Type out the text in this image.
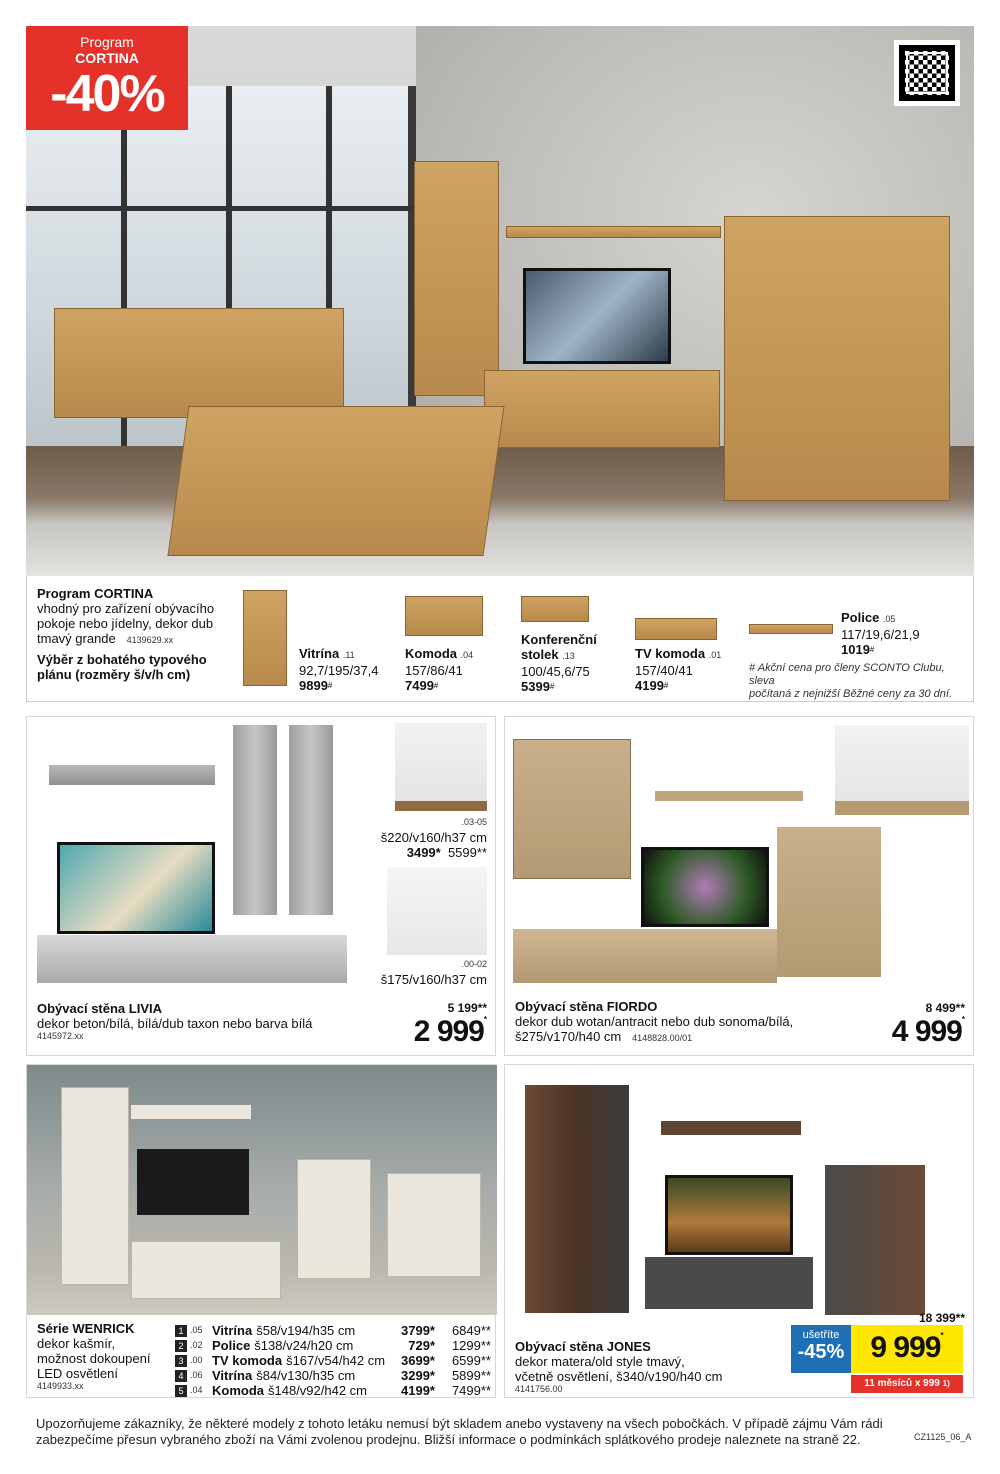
Program
CORTINA
-40%
Program CORTINA
vhodný pro zařízení obývacího
pokoje nebo jídelny, dekor dub
tmavý grande 4139629.xx
Výběr z bohatého typového
plánu (rozměry š/v/h cm)
Vitrína .11
92,7/195/37,4
9899#
Komoda .04
157/86/41
7499#
Konferenční
stolek .13
100/45,6/75
5399#
TV komoda .01
157/40/41
4199#
Police .05
117/19,6/21,9
1019#
# Akční cena pro členy SCONTO Clubu, sleva
počítaná z nejnižší Běžné ceny za 30 dní.
.03-05
š220/v160/h37 cm
3499* 5599**
.00-02
š175/v160/h37 cm
Obývací stěna LIVIA
dekor beton/bílá, bílá/dub taxon nebo barva bílá
4145972.xx
5 199**
2 999*
Obývací stěna FIORDO
dekor dub wotan/antracit nebo dub sonoma/bílá,
š275/v170/h40 cm 4148828.00/01
8 499**
4 999*
Série WENRICK
dekor kašmír,
možnost dokoupení
LED osvětlení
4149933.xx
1 .05 Vitrína š58/v194/h35 cm	3799*	6849**
2 .02 Police š138/v24/h20 cm	729*	1299**
3 .00 TV komoda š167/v54/h42 cm	3699*	6599**
4 .06 Vitrína š84/v130/h35 cm	3299*	5899**
5 .04 Komoda š148/v92/h42 cm	4199*	7499**
Obývací stěna JONES
dekor matera/old style tmavý,
včetně osvětlení, š340/v190/h40 cm
4141756.00
18 399**
ušetříte
-45% 9 999*
11 měsíců x 999 $^{1)}$
Upozorňujeme zákazníky, že některé modely z tohoto letáku nemusí být skladem anebo vystaveny na všech pobočkách. V případě zájmu Vám rádi
zabezpečíme přesun vybraného zboží na Vámi zvolenou prodejnu. Bližší informace o podmínkách splátkového prodeje naleznete na straně 22.	CZ1125_06_A
